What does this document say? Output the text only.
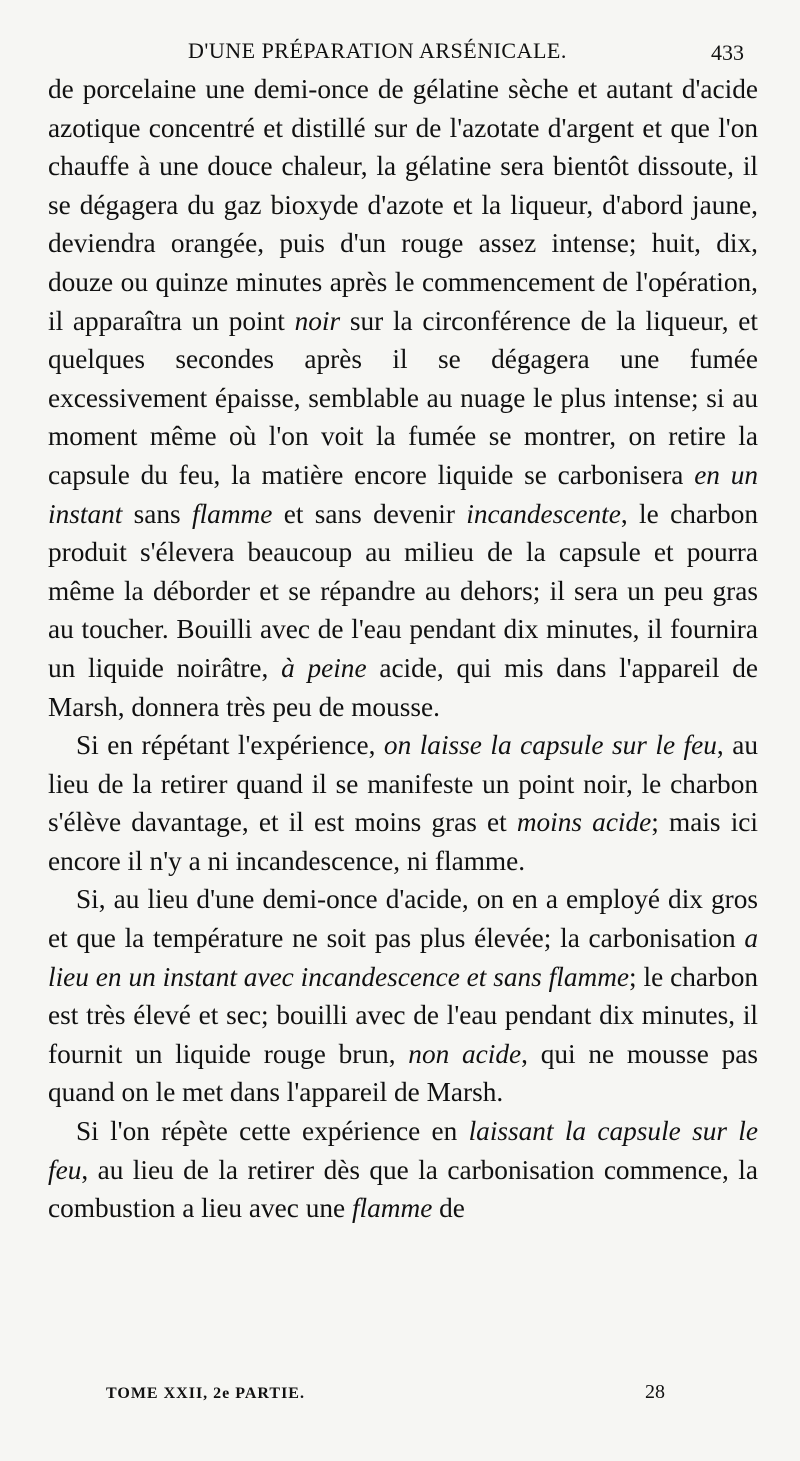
D'UNE PRÉPARATION ARSÉNICALE.	433

de porcelaine une demi-once de gélatine sèche et autant d'acide azotique concentré et distillé sur de l'azotate d'argent et que l'on chauffe à une douce chaleur, la gélatine sera bientôt dissoute, il se dégagera du gaz bioxyde d'azote et la liqueur, d'abord jaune, deviendra orangée, puis d'un rouge assez intense; huit, dix, douze ou quinze minutes après le commencement de l'opération, il apparaîtra un point noir sur la circonférence de la liqueur, et quelques secondes après il se dégagera une fumée excessivement épaisse, semblable au nuage le plus intense; si au moment même où l'on voit la fumée se montrer, on retire la capsule du feu, la matière encore liquide se carbonisera en un instant sans flamme et sans devenir incandescente, le charbon produit s'élevera beaucoup au milieu de la capsule et pourra même la déborder et se répandre au dehors; il sera un peu gras au toucher. Bouilli avec de l'eau pendant dix minutes, il fournira un liquide noirâtre, à peine acide, qui mis dans l'appareil de Marsh, donnera très peu de mousse.

Si en répétant l'expérience, on laisse la capsule sur le feu, au lieu de la retirer quand il se manifeste un point noir, le charbon s'élève davantage, et il est moins gras et moins acide; mais ici encore il n'y a ni incandescence, ni flamme.

Si, au lieu d'une demi-once d'acide, on en a employé dix gros et que la température ne soit pas plus élevée; la carbonisation a lieu en un instant avec incandescence et sans flamme; le charbon est très élevé et sec; bouilli avec de l'eau pendant dix minutes, il fournit un liquide rouge brun, non acide, qui ne mousse pas quand on le met dans l'appareil de Marsh.

Si l'on répète cette expérience en laissant la capsule sur le feu, au lieu de la retirer dès que la carbonisation commence, la combustion a lieu avec une flamme de

TOME XXII, 2e PARTIE.	28
